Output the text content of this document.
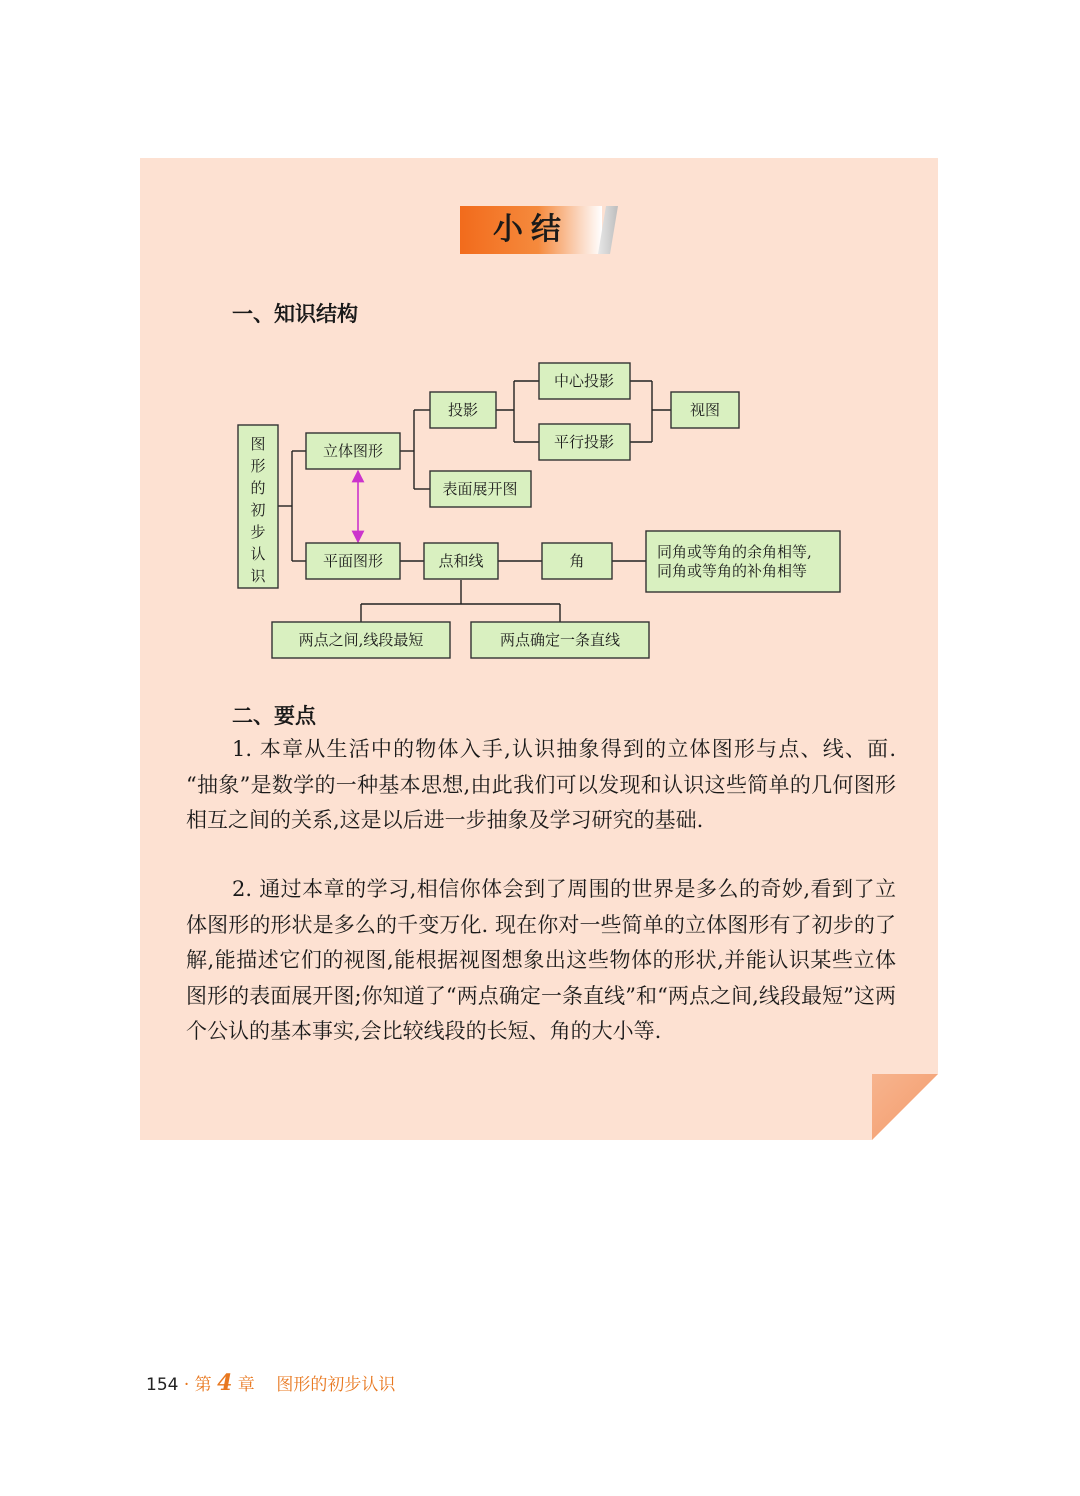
小结
一、知识结构
图
形
的
初
步
认
识
立体图形
平面图形
投影
中心投影
平行投影
视图
表面展开图
点和线	角	同角或等角的余角相等,
同角或等角的补角相等
两点之间,线段最短	两点确定一条直线
二、要点

1. 本章从生活中的物体入手,认识抽象得到的立体图形与点、线、面. “抽象”是数学的一种基本思想,由此我们可以发现和认识这些简单的几何图形相互之间的关系,这是以后进一步抽象及学习研究的基础.

2. 通过本章的学习,相信你体会到了周围的世界是多么的奇妙,看到了立体图形的形状是多么的千变万化. 现在你对一些简单的立体图形有了初步的了解,能描述它们的视图,能根据视图想象出这些物体的形状,并能认识某些立体图形的表面展开图;你知道了“两点确定一条直线”和“两点之间,线段最短”这两个公认的基本事实,会比较线段的长短、角的大小等.

154 · 第 4 章 图形的初步认识
